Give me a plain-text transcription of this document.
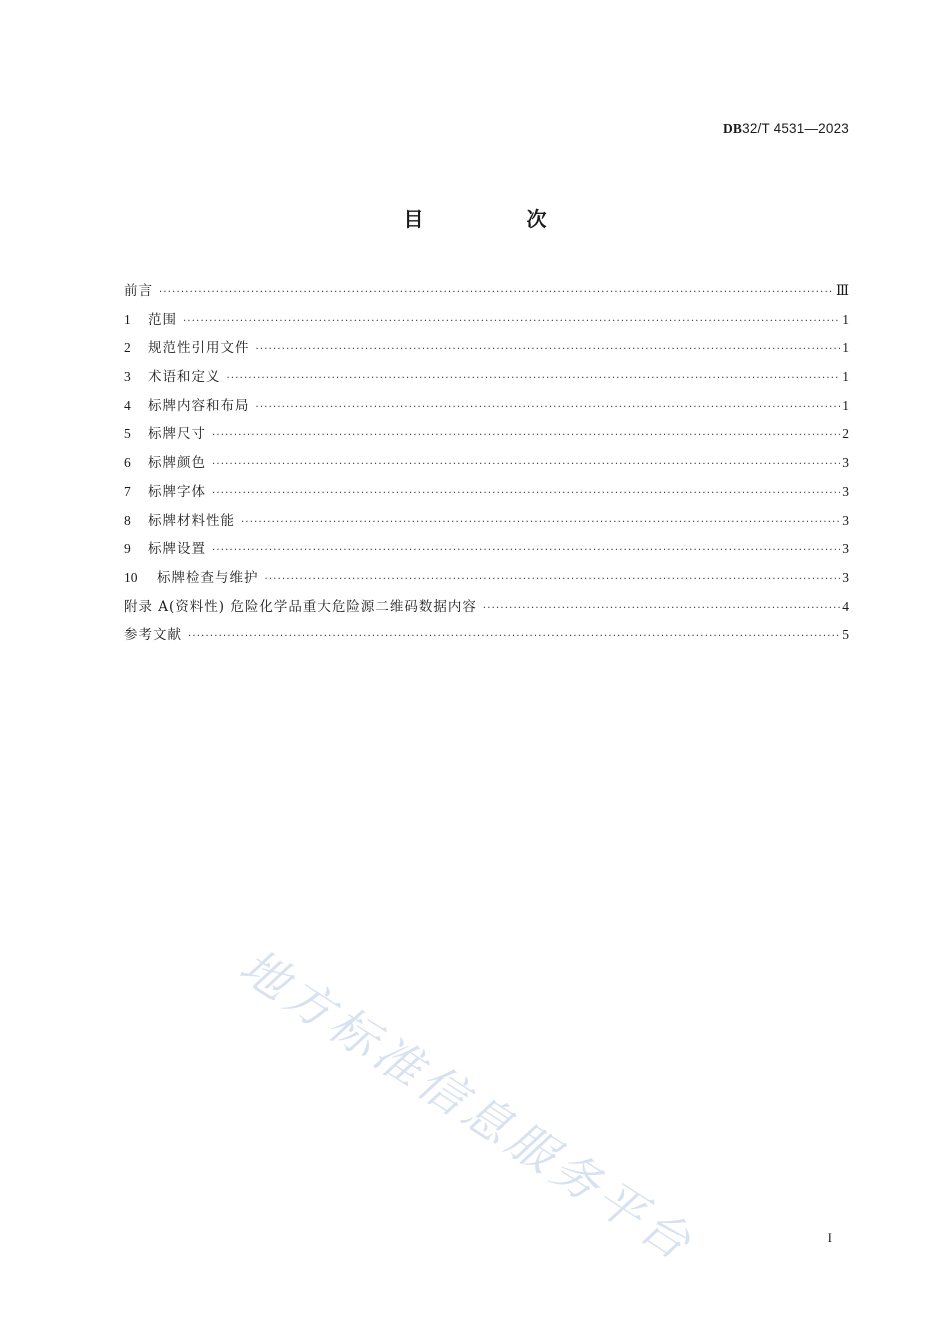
DB32/T 4531—2023
目 次
前言 ·····	Ⅲ
1	范围 ·····	1
2	规范性引用文件 ·····	1
3	术语和定义 ·····	1
4	标牌内容和布局 ·····	1
5	标牌尺寸 ·····	2
6	标牌颜色 ·····	3
7	标牌字体 ·····	3
8	标牌材料性能 ·····	3
9	标牌设置 ·····	3
10	标牌检查与维护 ·····	3
附录 A(资料性) 危险化学品重大危险源二维码数据内容 ·····	4
参考文献 ·····	5
地方标准信息服务平台	I
